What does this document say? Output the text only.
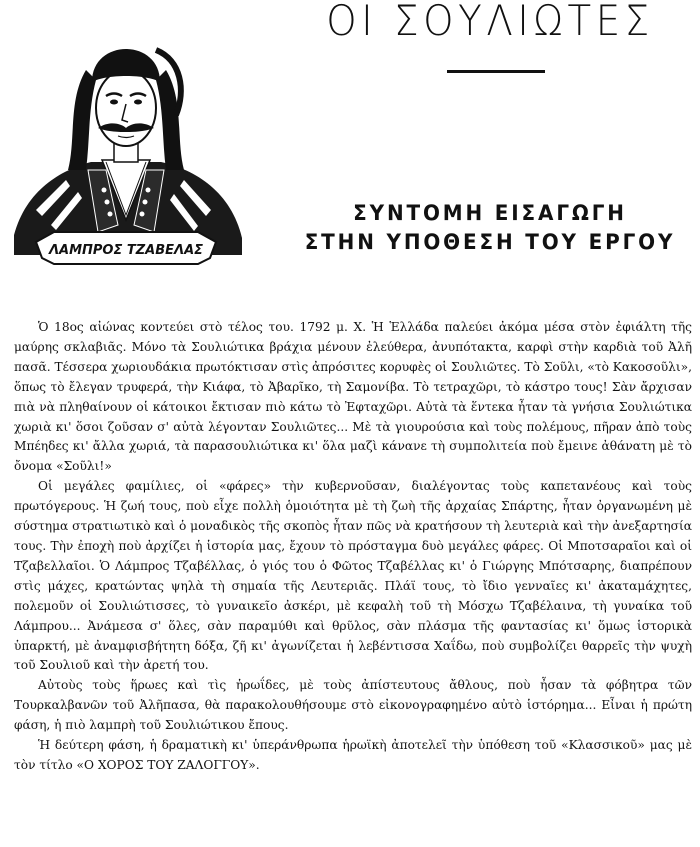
ΛΑΜΠΡΟΣ ΤΖΑΒΕΛΑΣ
ΟΙ ΣΟΥΛΙΩΤΕΣ
ΣΥΝΤΟΜΗ ΕΙΣΑΓΩΓΗ
ΣΤΗΝ ΥΠΟΘΕΣΗ ΤΟΥ ΕΡΓΟΥ

Ὁ 18ος αἰώνας κοντεύει στὸ τέλος του. 1792 μ. Χ. Ἡ Ἑλλάδα παλεύει ἀκόμα μέσα στὸν ἐφιάλτη τῆς μαύρης σκλαβιᾶς. Μόνο τὰ Σουλιώτικα βράχια μένουν ἐλεύθερα, ἀνυπότακτα, καρφὶ στὴν καρδιὰ τοῦ Ἀλῆ πασᾶ. Τέσσερα χωριουδάκια πρωτόκτισαν στὶς ἀπρόσιτες κορυφὲς οἱ Σουλιῶτες. Τὸ Σοῦλι, «τὸ Κακοσοῦλι», ὅπως τὸ ἔλεγαν τρυφερά, τὴν Κιάφα, τὸ Ἀβαρῖκο, τὴ Σαμονίβα. Τὸ τετραχῶρι, τὸ κάστρο τους! Σὰν ἄρχισαν πιὰ νὰ πληθαίνουν οἱ κάτοικοι ἔκτισαν πιὸ κάτω τὸ Ἐφταχῶρι. Αὐτὰ τὰ ἕντεκα ἦταν τὰ γνήσια Σουλιώτικα χωριὰ κι' ὅσοι ζοῦσαν σ' αὐτὰ λέγονταν Σουλιῶτες... Μὲ τὰ γιουρούσια καὶ τοὺς πολέμους, πῆραν ἀπὸ τοὺς Μπέηδες κι' ἄλλα χωριά, τὰ παρασουλιώτικα κι' ὅλα μαζὶ κάνανε τὴ συμπολιτεία ποὺ ἔμεινε ἀθάνατη μὲ τὸ ὄνομα «Σοῦλι!»

Οἱ μεγάλες φαμίλιες, οἱ «φάρες» τὴν κυβερνοῦσαν, διαλέγοντας τοὺς καπετανέους καὶ τοὺς πρωτόγερους. Ἡ ζωή τους, ποὺ εἶχε πολλὴ ὁμοιότητα μὲ τὴ ζωὴ τῆς ἀρχαίας Σπάρτης, ἦταν ὀργανωμένη μὲ σύστημα στρατιωτικὸ καὶ ὁ μοναδικὸς τῆς σκοπὸς ἦταν πῶς νὰ κρατήσουν τὴ λευτεριὰ καὶ τὴν ἀνεξαρτησία τους. Τὴν ἐποχὴ ποὺ ἀρχίζει ἡ ἱστορία μας, ἔχουν τὸ πρόσταγμα δυὸ μεγάλες φάρες. Οἱ Μποτσαραῖοι καὶ οἱ Τζαβελλαῖοι. Ὁ Λάμπρος Τζαβέλλας, ὁ γιός του ὁ Φῶτος Τζαβέλλας κι' ὁ Γιώργης Μπότσαρης, διαπρέπουν στὶς μάχες, κρατώντας ψηλὰ τὴ σημαία τῆς Λευτεριᾶς. Πλάϊ τους, τὸ ἴδιο γενναῖες κι' ἀκαταμάχητες, πολεμοῦν οἱ Σουλιώτισσες, τὸ γυναικεῖο ἀσκέρι, μὲ κεφαλὴ τοῦ τὴ Μόσχω Τζαβέλαινα, τὴ γυναίκα τοῦ Λάμπρου... Ἀνάμεσα σ' ὅλες, σὰν παραμύθι καὶ θρῦλος, σὰν πλάσμα τῆς φαντασίας κι' ὅμως ἱστορικὰ ὑπαρκτή, μὲ ἀναμφισβήτητη δόξα, ζῆ κι' ἀγωνίζεται ἡ λεβέντισσα Χαΐδω, ποὺ συμβολίζει θαρρεῖς τὴν ψυχὴ τοῦ Σουλιοῦ καὶ τὴν ἀρετή του.

Αὐτοὺς τοὺς ἥρωες καὶ τὶς ἡρωΐδες, μὲ τοὺς ἀπίστευτους ἄθλους, ποὺ ἦσαν τὰ φόβητρα τῶν Τουρκαλβανῶν τοῦ Ἀλῆπασα, θὰ παρακολουθήσουμε στὸ εἰκονογραφημένο αὐτὸ ἱστόρημα... Εἶναι ἡ πρώτη φάση, ἡ πιὸ λαμπρὴ τοῦ Σουλιώτικου ἔπους.

Ἡ δεύτερη φάση, ἡ δραματικὴ κι' ὑπεράνθρωπα ἡρωϊκὴ ἀποτελεῖ τὴν ὑπόθεση τοῦ «Κλασσικοῦ» μας μὲ τὸν τίτλο «Ο ΧΟΡΟΣ ΤΟΥ ΖΑΛΟΓΓΟΥ».
